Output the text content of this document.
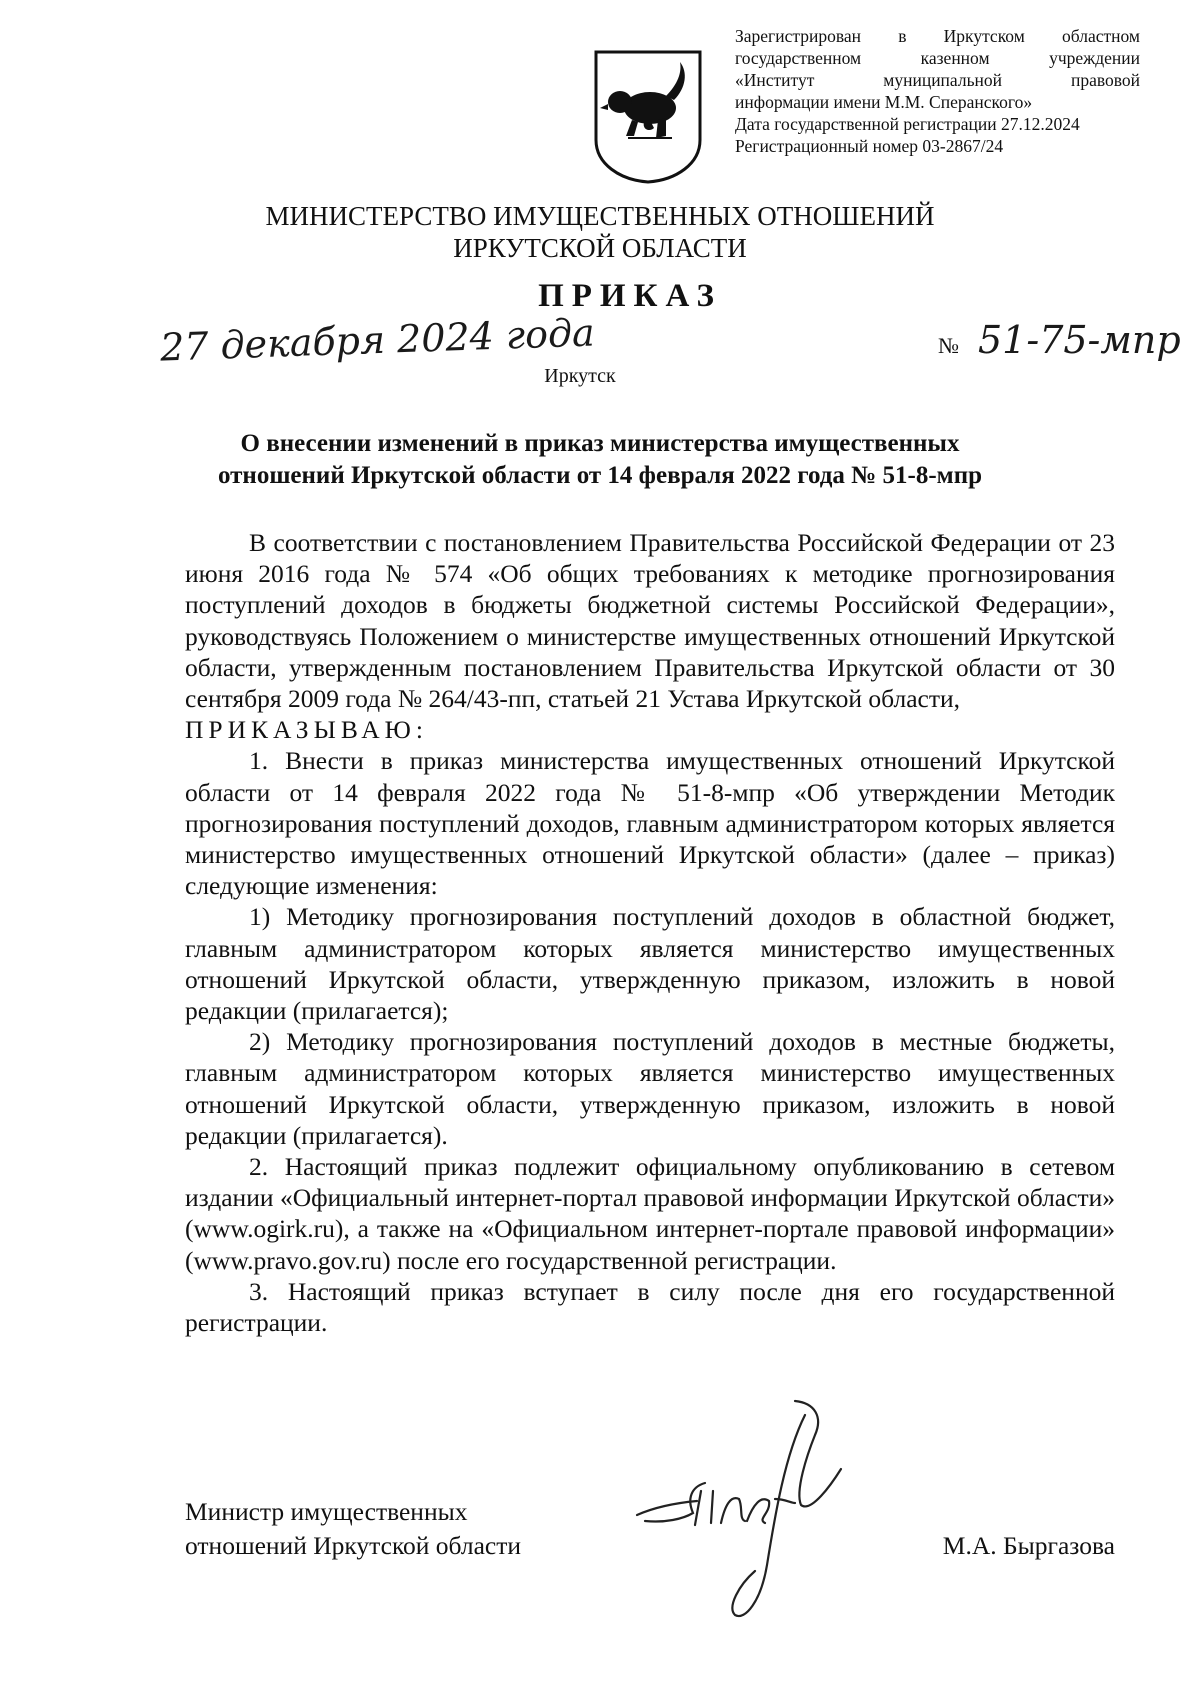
Зарегистрирован в Иркутском областном
государственном казенном учреждении
«Институт муниципальной правовой
информации имени М.М. Сперанского»
Дата государственной регистрации 27.12.2024
Регистрационный номер 03-2867/24
МИНИСТЕРСТВО ИМУЩЕСТВЕННЫХ ОТНОШЕНИЙ
ИРКУТСКОЙ ОБЛАСТИ
ПРИКАЗ
27 декабря 2024 года	№ 51-75-мпр
Иркутск
О внесении изменений в приказ министерства имущественных
отношений Иркутской области от 14 февраля 2022 года № 51-8-мпр

В соответствии с постановлением Правительства Российской Федерации от 23 июня 2016 года № 574 «Об общих требованиях к методике прогнозирования поступлений доходов в бюджеты бюджетной системы Российской Федерации», руководствуясь Положением о министерстве имущественных отношений Иркутской области, утвержденным постановлением Правительства Иркутской области от 30 сентября 2009 года № 264/43-пп, статьей 21 Устава Иркутской области,

ПРИКАЗЫВАЮ:

1. Внести в приказ министерства имущественных отношений Иркутской области от 14 февраля 2022 года № 51-8-мпр «Об утверждении Методик прогнозирования поступлений доходов, главным администратором которых является министерство имущественных отношений Иркутской области» (далее – приказ) следующие изменения:

1) Методику прогнозирования поступлений доходов в областной бюджет, главным администратором которых является министерство имущественных отношений Иркутской области, утвержденную приказом, изложить в новой редакции (прилагается);

2) Методику прогнозирования поступлений доходов в местные бюджеты, главным администратором которых является министерство имущественных отношений Иркутской области, утвержденную приказом, изложить в новой редакции (прилагается).

2. Настоящий приказ подлежит официальному опубликованию в сетевом издании «Официальный интернет-портал правовой информации Иркутской области» (www.ogirk.ru), а также на «Официальном интернет-портале правовой информации» (www.pravo.gov.ru) после его государственной регистрации.

3. Настоящий приказ вступает в силу после дня его государственной регистрации.

Министр имущественных
отношений Иркутской области	М.А. Быргазова
